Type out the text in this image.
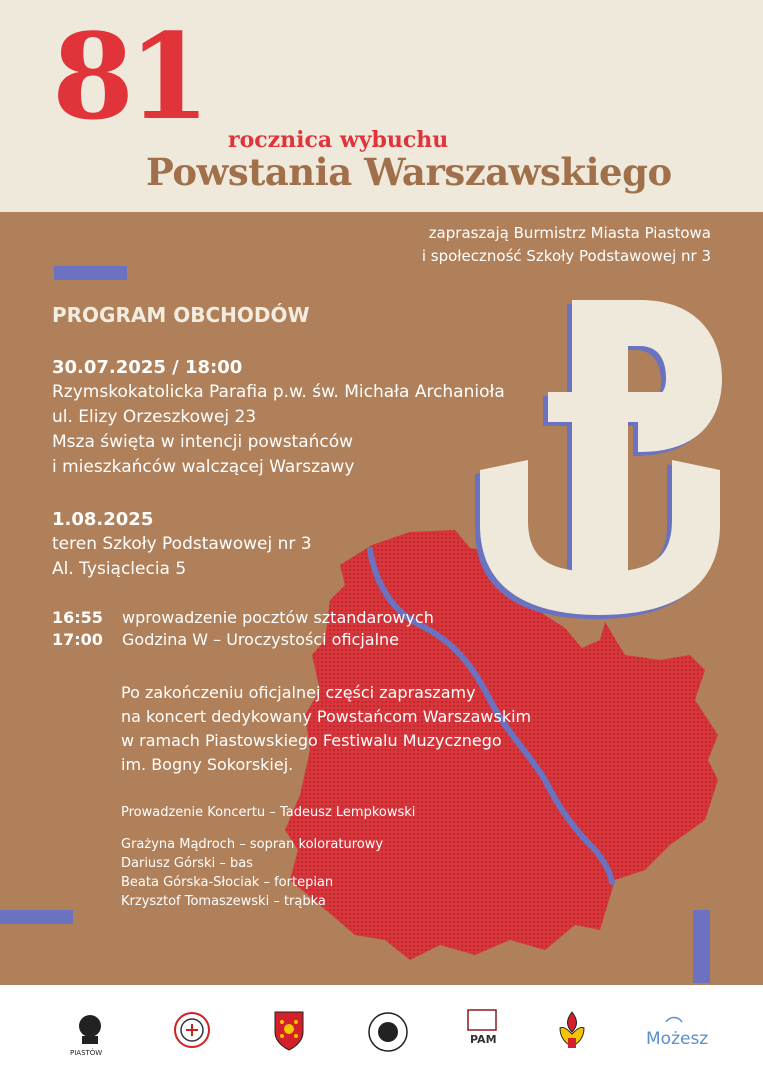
81 rocznica wybuchu
Powstania Warszawskiego
zapraszają Burmistrz Miasta Piastowa
i społeczność Szkoły Podstawowej nr 3
PROGRAM OBCHODÓW
30.07.2025 / 18:00
Rzymskokatolicka Parafia p.w. św. Michała Archanioła
ul. Elizy Orzeszkowej 23
Msza święta w intencji powstańców
i mieszkańców walczącej Warszawy
1.08.2025
teren Szkoły Podstawowej nr 3
Al. Tysiąclecia 5
16:55 wprowadzenie pocztów sztandarowych
17:00 Godzina W – Uroczystości oficjalne
Po zakończeniu oficjalnej części zapraszamy
na koncert dedykowany Powstańcom Warszawskim
w ramach Piastowskiego Festiwalu Muzycznego
im. Bogny Sokorskiej.
Prowadzenie Koncertu – Tadeusz Lempkowski
Grażyna Mądroch – sopran koloraturowy
Dariusz Górski – bas
Beata Górska-Słociak – fortepian
Krzysztof Tomaszewski – trąbka
PIASTÓW
PAM	Możesz
